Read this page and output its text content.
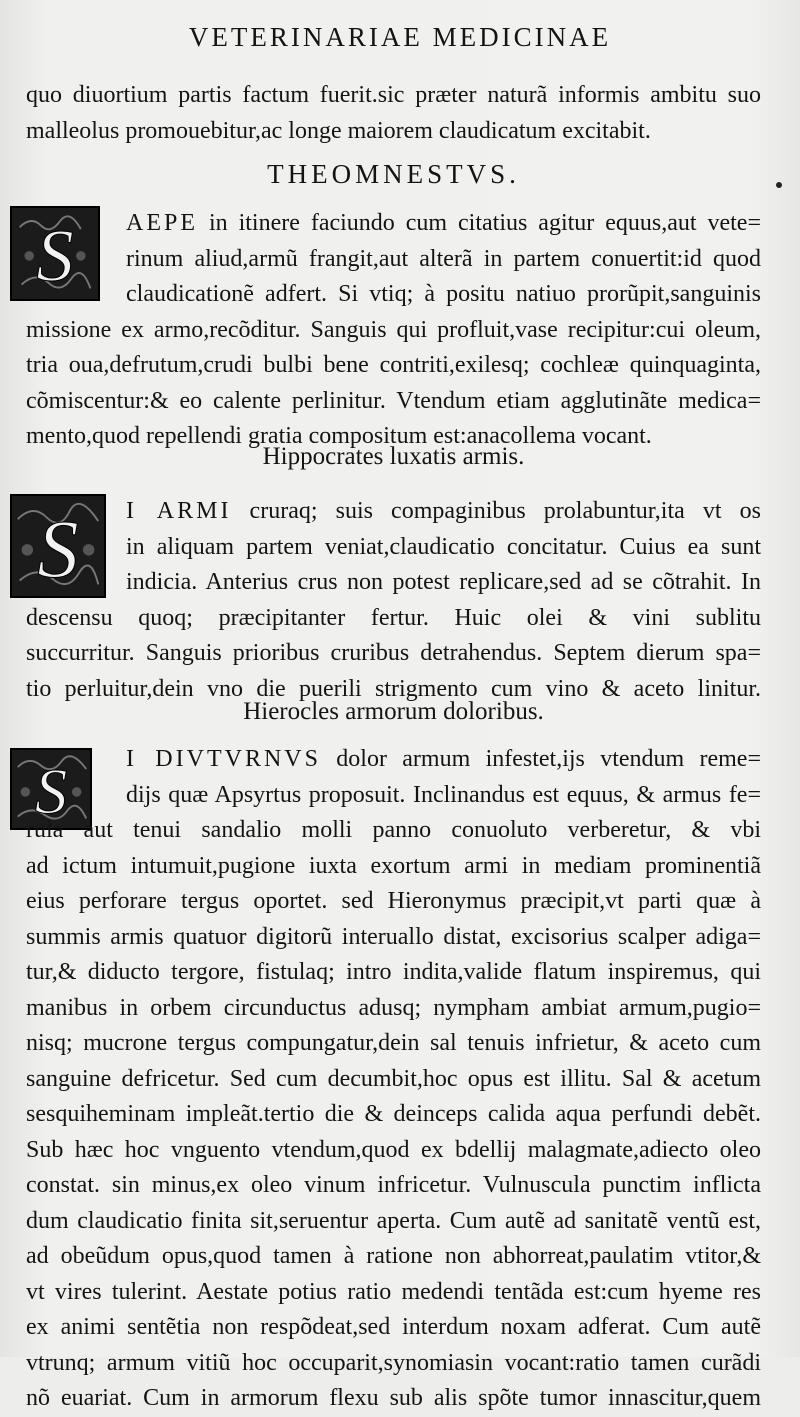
VETERINARIAE MEDICINAE
quo diuortium partis factum fuerit.sic præter naturã informis ambitu suo
malleolus promouebitur,ac longe maiorem claudicatum excitabit.
THEOMNESTVS.
S	AEPE in itinere faciundo cum citatius agitur equus,aut vete=
rinum aliud,armũ frangit,aut alterã in partem conuertit:id quod
claudicationẽ adfert. Si vtiq; à positu natiuo prorũpit,sanguinis
missione ex armo,recõditur. Sanguis qui profluit,vase recipitur:cui oleum,
tria oua,defrutum,crudi bulbi bene contriti,exilesq; cochleæ quinquaginta,
cõmiscentur:& eo calente perlinitur. Vtendum etiam agglutinãte medica=
mento,quod repellendi gratia compositum est:anacollema vocant.
Hippocrates luxatis armis.
S	I ARMI cruraq; suis compaginibus prolabuntur,ita vt os
in aliquam partem veniat,claudicatio concitatur. Cuius ea sunt
indicia. Anterius crus non potest replicare,sed ad se cõtrahit. In
descensu quoq; præcipitanter fertur. Huic olei & vini sublitu
succurritur. Sanguis prioribus cruribus detrahendus. Septem dierum spa=
tio perluitur,dein vno die puerili strigmento cum vino & aceto linitur.
Hierocles armorum doloribus.
S	I DIVTVRNVS dolor armum infestet,ijs vtendum reme=
dijs quæ Apsyrtus proposuit. Inclinandus est equus, & armus fe=
rula aut tenui sandalio molli panno conuoluto verberetur, & vbi
ad ictum intumuit,pugione iuxta exortum armi in mediam prominentiã
eius perforare tergus oportet. sed Hieronymus præcipit,vt parti quæ à
summis armis quatuor digitorũ interuallo distat, excisorius scalper adiga=
tur,& diducto tergore, fistulaq; intro indita,valide flatum inspiremus, qui
manibus in orbem circunductus adusq; nympham ambiat armum,pugio=
nisq; mucrone tergus compungatur,dein sal tenuis infrietur, & aceto cum
sanguine defricetur. Sed cum decumbit,hoc opus est illitu. Sal & acetum
sesquiheminam impleãt.tertio die & deinceps calida aqua perfundi debẽt.
Sub hæc hoc vnguento vtendum,quod ex bdellij malagmate,adiecto oleo
constat. sin minus,ex oleo vinum infricetur. Vulnuscula punctim inflicta
dum claudicatio finita sit,seruentur aperta. Cum autẽ ad sanitatẽ ventũ est,
ad obeũdum opus,quod tamen à ratione non abhorreat,paulatim vtitor,&
vt vires tulerint. Aestate potius ratio medendi tentãda est:cum hyeme res
ex animi sentẽtia non respõdeat,sed interdum noxam adferat. Cum autẽ
vtrunq; armum vitiũ hoc occuparit,synomiasin vocant:ratio tamen curãdi
nõ euariat. Cum in armorum flexu sub alis spõte tumor innascitur,quem
